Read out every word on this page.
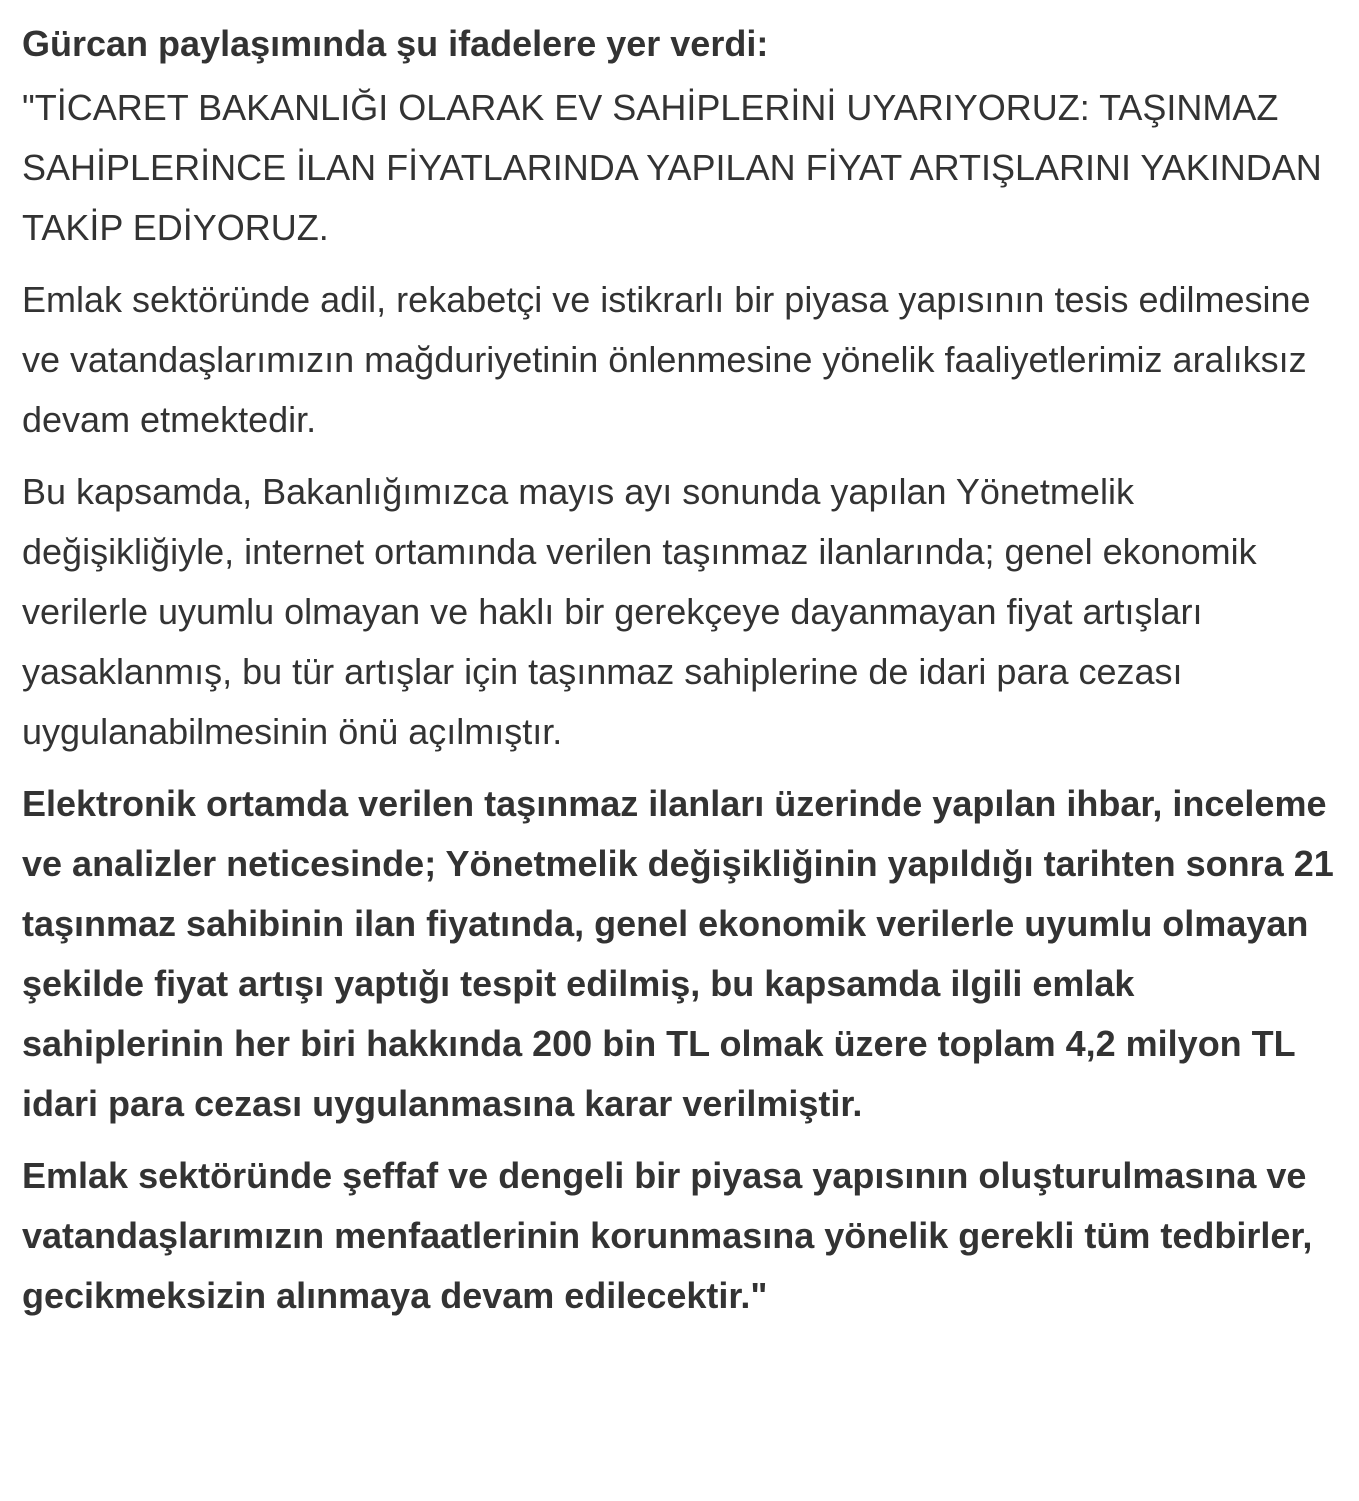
Gürcan paylaşımında şu ifadelere yer verdi:

"TİCARET BAKANLIĞI OLARAK EV SAHİPLERİNİ UYARIYORUZ: TAŞINMAZ SAHİPLERİNCE İLAN FİYATLARINDA YAPILAN FİYAT ARTIŞLARINI YAKINDAN TAKİP EDİYORUZ.

Emlak sektöründe adil, rekabetçi ve istikrarlı bir piyasa yapısının tesis edilmesine ve vatandaşlarımızın mağduriyetinin önlenmesine yönelik faaliyetlerimiz aralıksız devam etmektedir.

Bu kapsamda, Bakanlığımızca mayıs ayı sonunda yapılan Yönetmelik değişikliğiyle, internet ortamında verilen taşınmaz ilanlarında; genel ekonomik verilerle uyumlu olmayan ve haklı bir gerekçeye dayanmayan fiyat artışları yasaklanmış, bu tür artışlar için taşınmaz sahiplerine de idari para cezası uygulanabilmesinin önü açılmıştır.

Elektronik ortamda verilen taşınmaz ilanları üzerinde yapılan ihbar, inceleme ve analizler neticesinde; Yönetmelik değişikliğinin yapıldığı tarihten sonra 21 taşınmaz sahibinin ilan fiyatında, genel ekonomik verilerle uyumlu olmayan şekilde fiyat artışı yaptığı tespit edilmiş, bu kapsamda ilgili emlak sahiplerinin her biri hakkında 200 bin TL olmak üzere toplam 4,2 milyon TL idari para cezası uygulanmasına karar verilmiştir.

Emlak sektöründe şeffaf ve dengeli bir piyasa yapısının oluşturulmasına ve vatandaşlarımızın menfaatlerinin korunmasına yönelik gerekli tüm tedbirler, gecikmeksizin alınmaya devam edilecektir."
